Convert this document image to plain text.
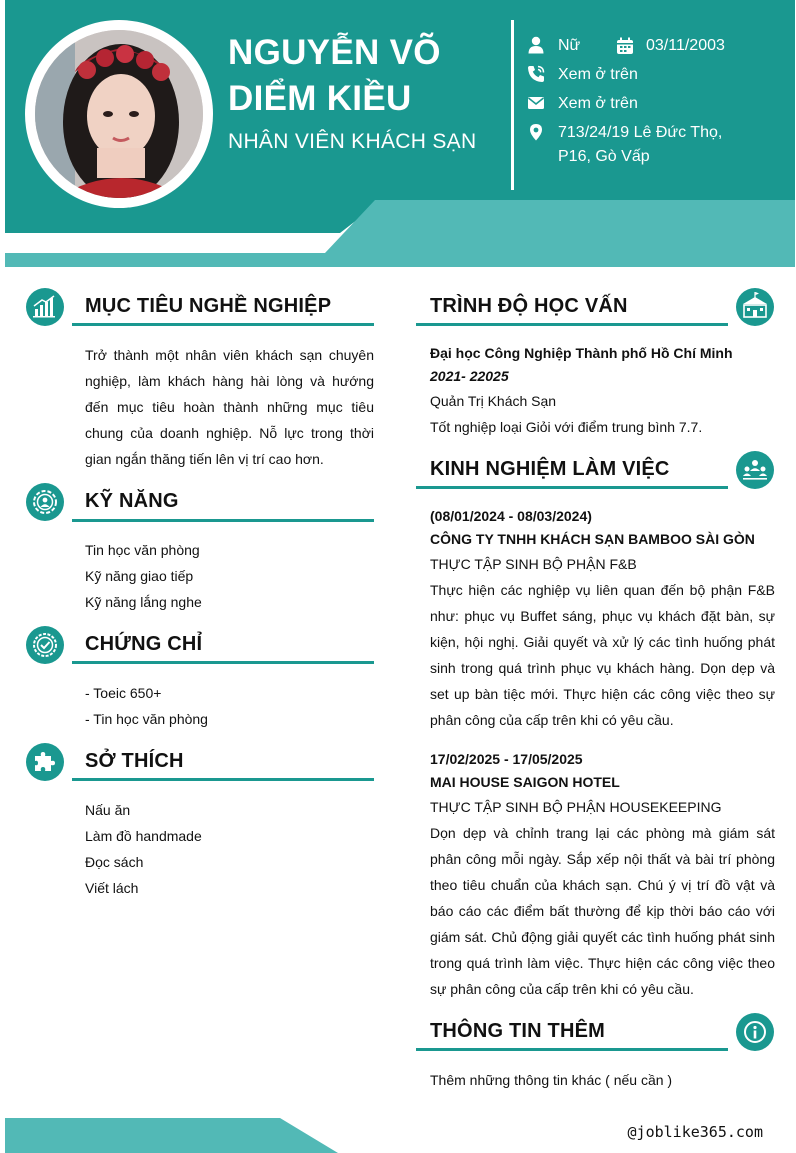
NGUYỄN VÕ
DIỂM KIỀU
NHÂN VIÊN KHÁCH SẠN
Nữ	03/11/2003
Xem ở trên
Xem ở trên
713/24/19 Lê Đức Thọ,
P16, Gò Vấp
MỤC TIÊU NGHỀ NGHIỆP
Trở thành một nhân viên khách sạn chuyên nghiệp, làm khách hàng hài lòng và hướng đến mục tiêu hoàn thành những mục tiêu chung của doanh nghiệp. Nỗ lực trong thời gian ngắn thăng tiến lên vị trí cao hơn.
KỸ NĂNG
Tin học văn phòng
Kỹ năng giao tiếp
Kỹ năng lắng nghe
CHỨNG CHỈ
- Toeic 650+
- Tin học văn phòng
SỞ THÍCH
Nấu ăn
Làm đồ handmade
Đọc sách
Viết lách
TRÌNH ĐỘ HỌC VẤN
Đại học Công Nghiệp Thành phố Hồ Chí Minh
2021- 22025
Quản Trị Khách Sạn
Tốt nghiệp loại Giỏi với điểm trung bình 7.7.
KINH NGHIỆM LÀM VIỆC
(08/01/2024 - 08/03/2024)
CÔNG TY TNHH KHÁCH SẠN BAMBOO SÀI GÒN
THỰC TẬP SINH BỘ PHẬN F&B
Thực hiện các nghiệp vụ liên quan đến bộ phận F&B như: phục vụ Buffet sáng, phục vụ khách đặt bàn, sự kiện, hội nghị. Giải quyết và xử lý các tình huống phát sinh trong quá trình phục vụ khách hàng. Dọn dẹp và set up bàn tiệc mới. Thực hiện các công việc theo sự phân công của cấp trên khi có yêu cầu.
17/02/2025 - 17/05/2025
MAI HOUSE SAIGON HOTEL
THỰC TẬP SINH BỘ PHẬN HOUSEKEEPING
Dọn dẹp và chỉnh trang lại các phòng mà giám sát phân công mỗi ngày. Sắp xếp nội thất và bài trí phòng theo tiêu chuẩn của khách sạn. Chú ý vị trí đồ vật và báo cáo các điểm bất thường để kịp thời báo cáo với giám sát. Chủ động giải quyết các tình huống phát sinh trong quá trình làm việc. Thực hiện các công việc theo sự phân công của cấp trên khi có yêu cầu.
THÔNG TIN THÊM
Thêm những thông tin khác ( nếu cần )
@joblike365.com
